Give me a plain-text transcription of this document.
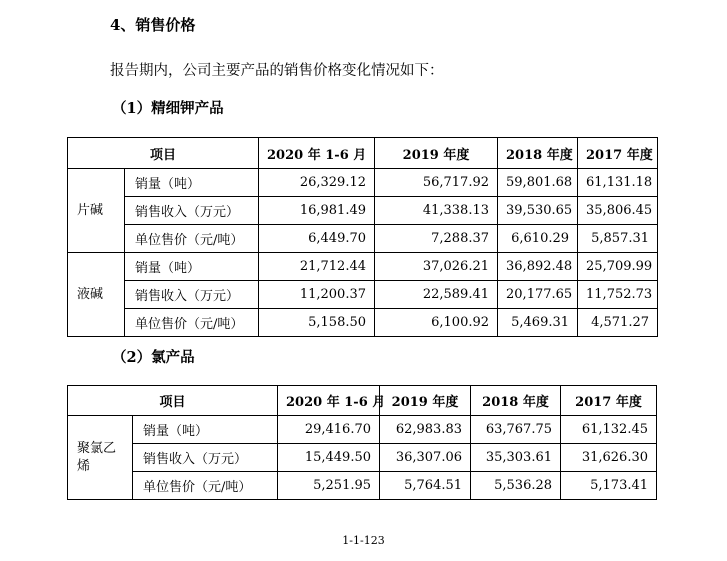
4、销售价格
报告期内，公司主要产品的销售价格变化情况如下：
（1）精细钾产品
项目		2020 年 1-6 月	2019 年度	2018 年度	2017 年度
片碱	销量（吨）	26,329.12	56,717.92	59,801.68	61,131.18
	销售收入（万元）	16,981.49	41,338.13	39,530.65	35,806.45
	单位售价（元/吨）	6,449.70	7,288.37	6,610.29	5,857.31
液碱	销量（吨）	21,712.44	37,026.21	36,892.48	25,709.99
	销售收入（万元）	11,200.37	22,589.41	20,177.65	11,752.73
	单位售价（元/吨）	5,158.50	6,100.92	5,469.31	4,571.27
（2）氯产品
项目		2020 年 1-6 月	2019 年度	2018 年度	2017 年度
聚氯乙烯	销量（吨）	29,416.70	62,983.83	63,767.75	61,132.45
	销售收入（万元）	15,449.50	36,307.06	35,303.61	31,626.30
	单位售价（元/吨）	5,251.95	5,764.51	5,536.28	5,173.41
1-1-123
